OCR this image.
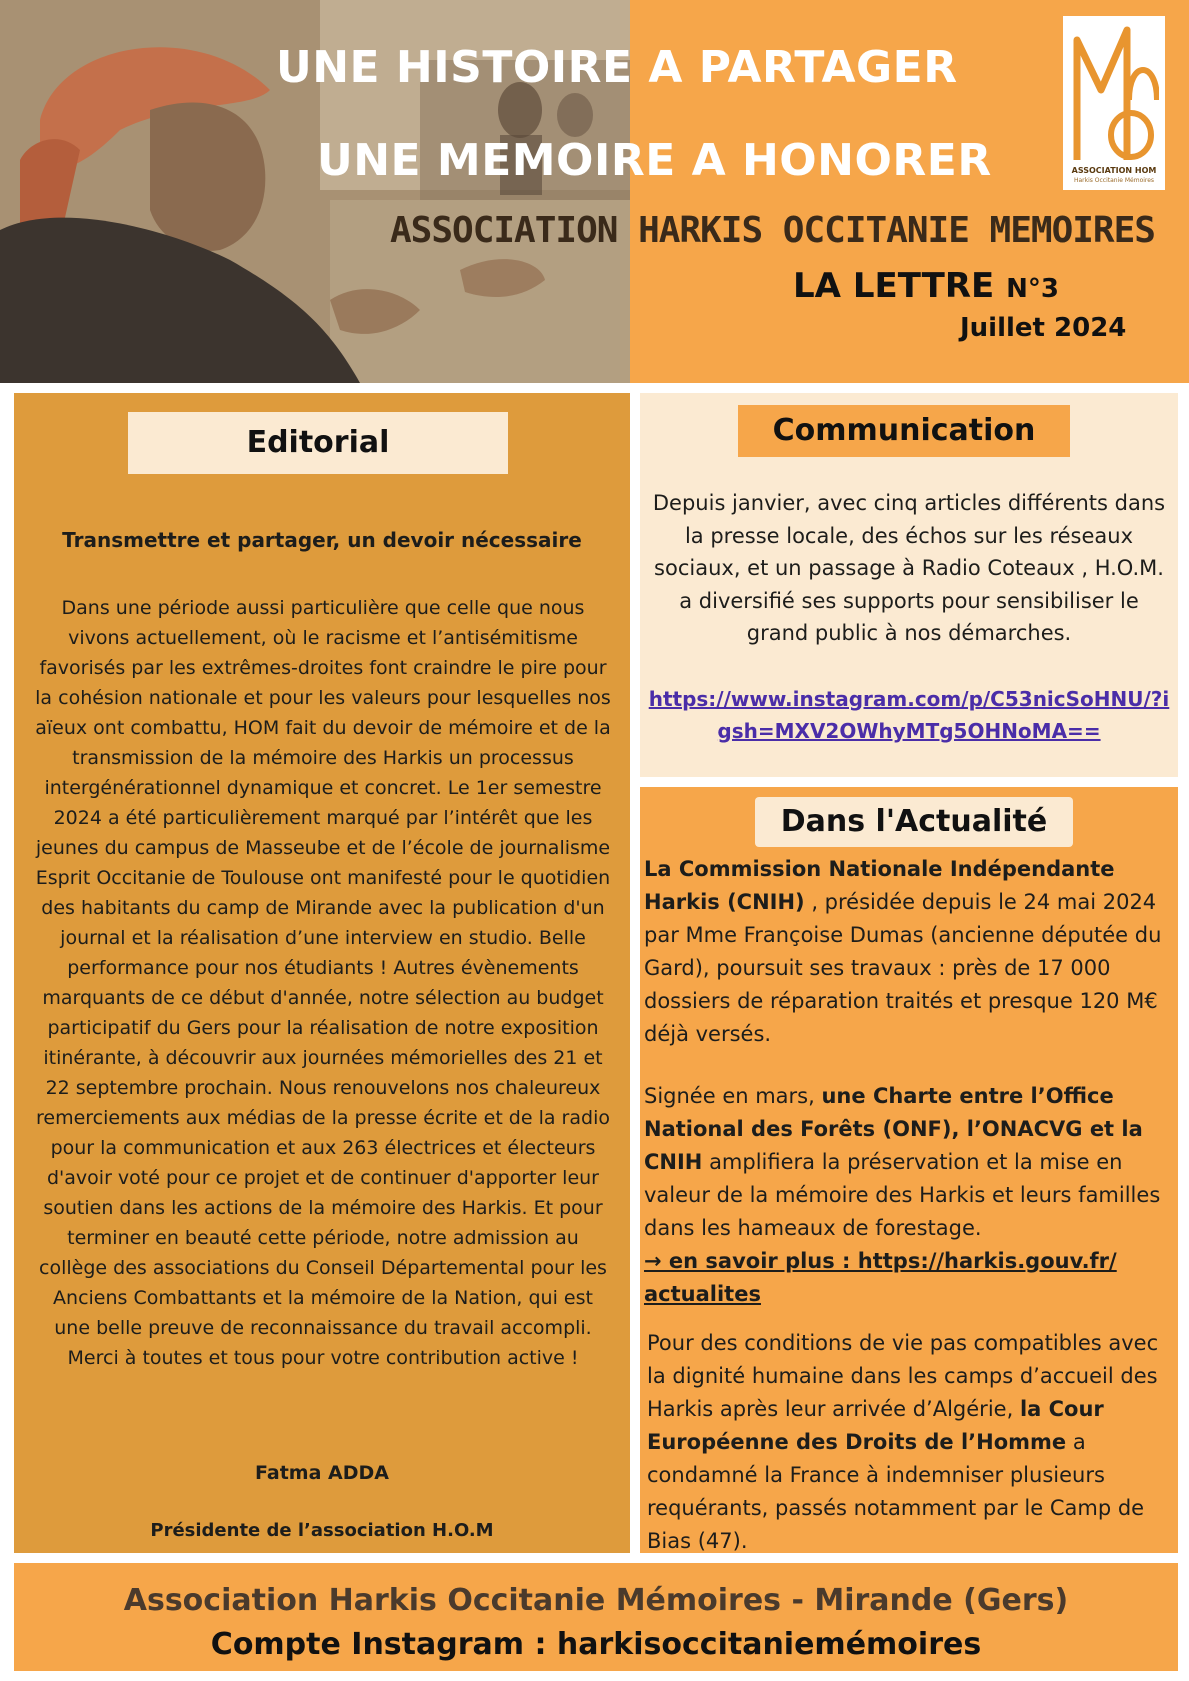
UNE HISTOIRE A PARTAGER
UNE MEMOIRE A HONORER
ASSOCIATION HARKIS OCCITANIE MEMOIRES
LA LETTRE N°3
Juillet 2024
ASSOCIATION HOM
Harkis Occitanie Mémoires
Editorial
Transmettre et partager, un devoir nécessaire
Dans une période aussi particulière que celle que nous vivons actuellement, où le racisme et l’antisémitisme favorisés par les extrêmes-droites font craindre le pire pour la cohésion nationale et pour les valeurs pour lesquelles nos aïeux ont combattu, HOM fait du devoir de mémoire et de la transmission de la mémoire des Harkis un processus intergénérationnel dynamique et concret. Le 1er semestre 2024 a été particulièrement marqué par l’intérêt que les jeunes du campus de Masseube et de l’école de journalisme Esprit Occitanie de Toulouse ont manifesté pour le quotidien des habitants du camp de Mirande avec la publication d'un journal et la réalisation d’une interview en studio. Belle performance pour nos étudiants ! Autres évènements marquants de ce début d'année, notre sélection au budget participatif du Gers pour la réalisation de notre exposition itinérante, à découvrir aux journées mémorielles des 21 et 22 septembre prochain. Nous renouvelons nos chaleureux remerciements aux médias de la presse écrite et de la radio pour la communication et aux 263 électrices et électeurs d'avoir voté pour ce projet et de continuer d'apporter leur soutien dans les actions de la mémoire des Harkis. Et pour terminer en beauté cette période, notre admission au collège des associations du Conseil Départemental pour les Anciens Combattants et la mémoire de la Nation, qui est une belle preuve de reconnaissance du travail accompli. Merci à toutes et tous pour votre contribution active !
Fatma ADDA
Présidente de l’association H.O.M
Communication
Depuis janvier, avec cinq articles différents dans la presse locale, des échos sur les réseaux sociaux, et un passage à Radio Coteaux , H.O.M. a diversifié ses supports pour sensibiliser le grand public à nos démarches.
https://www.instagram.com/p/C53nicSoHNU/?igsh=MXV2OWhyMTg5OHNoMA==
Dans l'Actualité
La Commission Nationale Indépendante Harkis (CNIH) , présidée depuis le 24 mai 2024 par Mme Françoise Dumas (ancienne députée du Gard), poursuit ses travaux : près de 17 000 dossiers de réparation traités et presque 120 M€ déjà versés.
Signée en mars, une Charte entre l’Office National des Forêts (ONF), l’ONACVG et la CNIH amplifiera la préservation et la mise en valeur de la mémoire des Harkis et leurs familles dans les hameaux de forestage.
→ en savoir plus : https://harkis.gouv.fr/ actualites
Pour des conditions de vie pas compatibles avec la dignité humaine dans les camps d’accueil des Harkis après leur arrivée d’Algérie, la Cour Européenne des Droits de l’Homme a condamné la France à indemniser plusieurs requérants, passés notamment par le Camp de Bias (47).
Association Harkis Occitanie Mémoires - Mirande (Gers)
Compte Instagram : harkisoccitaniemémoires
